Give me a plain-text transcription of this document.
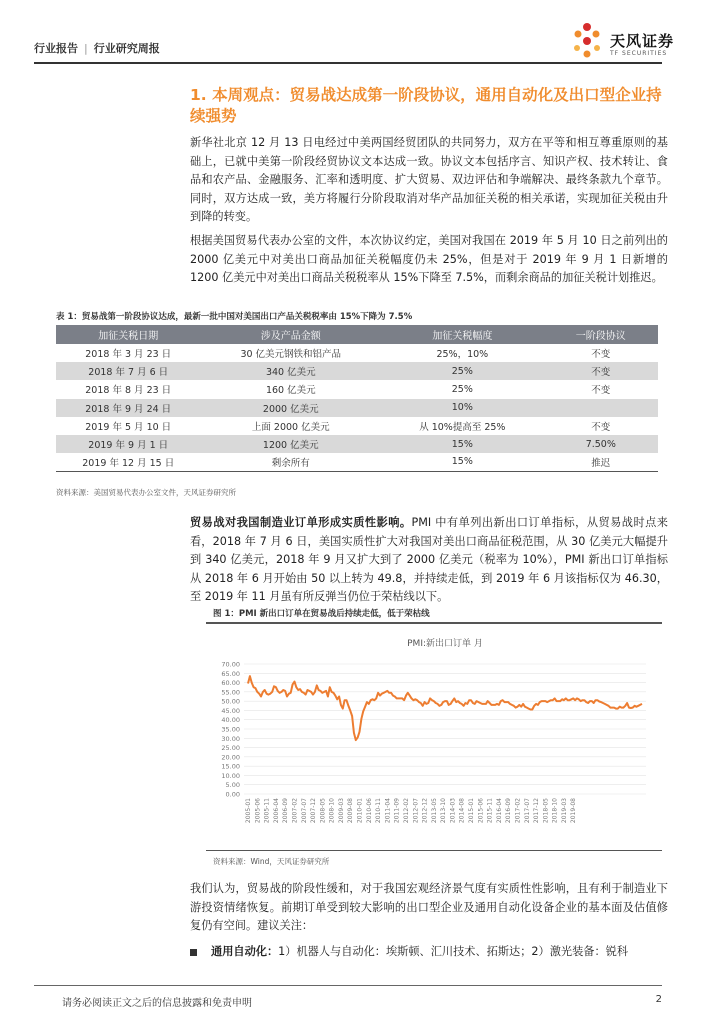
行业报告 | 行业研究周报	天风证券
TF SECURITIES
1. 本周观点：贸易战达成第一阶段协议，通用自动化及出口型企业持续强势
新华社北京 12 月 13 日电经过中美两国经贸团队的共同努力，双方在平等和相互尊重原则的基础上，已就中美第一阶段经贸协议文本达成一致。协议文本包括序言、知识产权、技术转让、食品和农产品、金融服务、汇率和透明度、扩大贸易、双边评估和争端解决、最终条款九个章节。同时，双方达成一致，美方将履行分阶段取消对华产品加征关税的相关承诺，实现加征关税由升到降的转变。
根据美国贸易代表办公室的文件，本次协议约定，美国对我国在 2019 年 5 月 10 日之前列出的 2000 亿美元中对美出口商品加征关税幅度仍未 25%，但是对于 2019 年 9 月 1 日新增的 1200 亿美元中对美出口商品关税税率从 15%下降至 7.5%，而剩余商品的加征关税计划推迟。
表 1：贸易战第一阶段协议达成，最新一批中国对美国出口产品关税税率由 15%下降为 7.5%
加征关税日期	涉及产品金额	加征关税幅度	一阶段协议
2018 年 3 月 23 日	30 亿美元钢铁和铝产品	25%，10%	不变
2018 年 7 月 6 日	340 亿美元	25%	不变
2018 年 8 月 23 日	160 亿美元	25%	不变
2018 年 9 月 24 日	2000 亿美元	10%	
2019 年 5 月 10 日	上面 2000 亿美元	从 10%提高至 25%	不变
2019 年 9 月 1 日	1200 亿美元	15%	7.50%
2019 年 12 月 15 日	剩余所有	15%	推迟
资料来源：美国贸易代表办公室文件，天风证券研究所
贸易战对我国制造业订单形成实质性影响。PMI 中有单列出新出口订单指标，从贸易战时点来看，2018 年 7 月 6 日，美国实质性扩大对我国对美出口商品征税范围，从 30 亿美元大幅提升到 340 亿美元，2018 年 9 月又扩大到了 2000 亿美元（税率为 10%），PMI 新出口订单指标从 2018 年 6 月开始由 50 以上转为 49.8，并持续走低，到 2019 年 6 月该指标仅为 46.30，至 2019 年 11 月虽有所反弹当仍位于荣枯线以下。
图 1：PMI 新出口订单在贸易战后持续走低，低于荣枯线
PMI:新出口订单 月
70.00
65.00
60.00
55.00
50.00
45.00
40.00
35.00
30.00
25.00
20.00
15.00
10.00
5.00
0.00
2005-01 2005-06 2005-11 2006-04 2006-09 2007-02 2007-07 2007-12 2008-05 2008-10 2009-03 2009-08 2010-01 2010-06 2010-11 2011-04 2011-09 2012-02 2012-07 2012-12 2013-05 2013-10 2014-03 2014-08 2015-01 2015-06 2015-11 2016-04 2016-09 2017-02 2017-07 2017-12 2018-05 2018-10 2019-03 2019-08
资料来源：Wind，天风证券研究所
我们认为，贸易战的阶段性缓和，对于我国宏观经济景气度有实质性性影响，且有利于制造业下游投资情绪恢复。前期订单受到较大影响的出口型企业及通用自动化设备企业的基本面及估值修复仍有空间。建议关注：
通用自动化：1）机器人与自动化：埃斯顿、汇川技术、拓斯达；2）激光装备：锐科
请务必阅读正文之后的信息披露和免责申明	2
